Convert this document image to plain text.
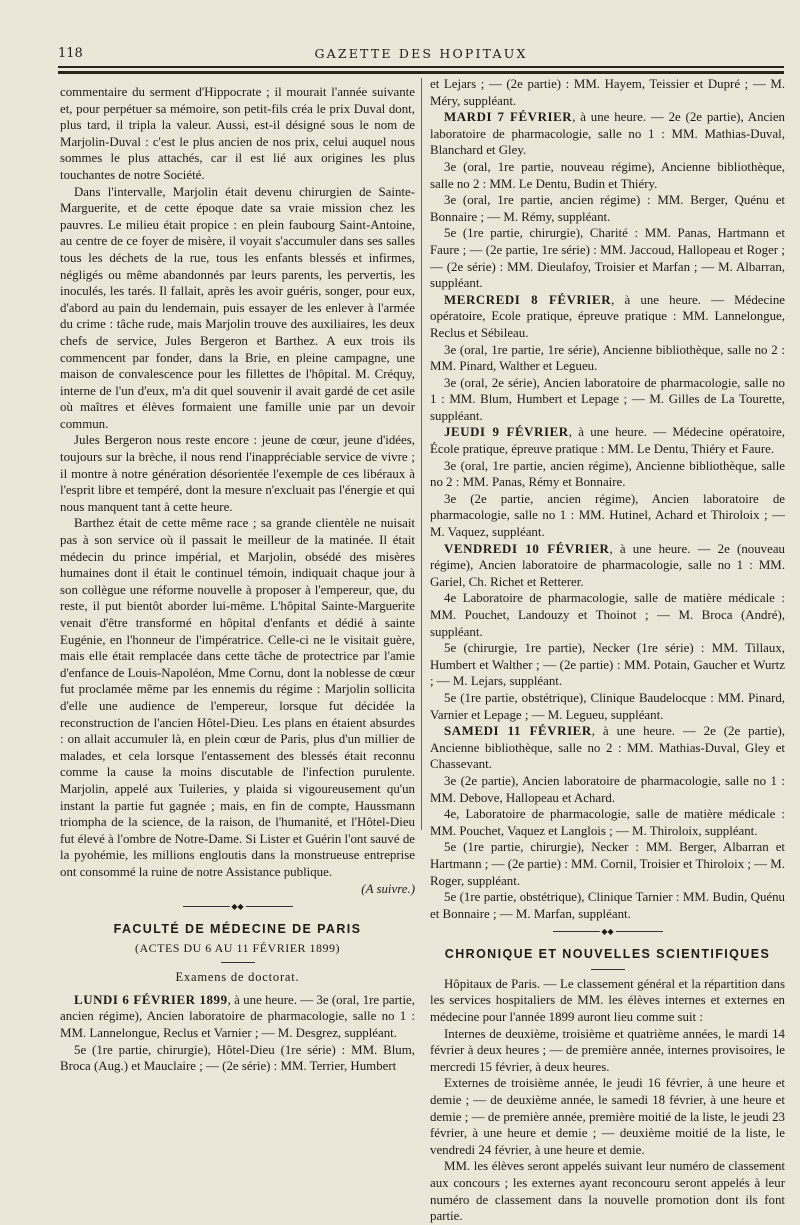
118	GAZETTE DES HOPITAUX

commentaire du serment d'Hippocrate ; il mourait l'année suivante et, pour perpétuer sa mémoire, son petit-fils créa le prix Duval dont, plus tard, il tripla la valeur. Aussi, est-il désigné sous le nom de Marjolin-Duval : c'est le plus ancien de nos prix, celui auquel nous sommes le plus attachés, car il est lié aux origines les plus touchantes de notre Société.

Dans l'intervalle, Marjolin était devenu chirurgien de Sainte-Marguerite, et de cette époque date sa vraie mission chez les pauvres. Le milieu était propice : en plein faubourg Saint-Antoine, au centre de ce foyer de misère, il voyait s'accumuler dans ses salles tous les déchets de la rue, tous les enfants blessés et infirmes, négligés ou même abandonnés par leurs parents, les pervertis, les inoculés, les tarés. Il fallait, après les avoir guéris, songer, pour eux, d'abord au pain du lendemain, puis essayer de les enlever à l'armée du crime : tâche rude, mais Marjolin trouve des auxiliaires, les deux chefs de service, Jules Bergeron et Barthez. A eux trois ils commencent par fonder, dans la Brie, en pleine campagne, une maison de convalescence pour les fillettes de l'hôpital. M. Créquy, interne de l'un d'eux, m'a dit quel souvenir il avait gardé de cet asile où maîtres et élèves formaient une famille unie par un devoir commun.

Jules Bergeron nous reste encore : jeune de cœur, jeune d'idées, toujours sur la brèche, il nous rend l'inappréciable service de vivre ; il montre à notre génération désorientée l'exemple de ces libéraux à l'esprit libre et tempéré, dont la mesure n'excluait pas l'énergie et qui nous manquent tant à cette heure.

Barthez était de cette même race ; sa grande clientèle ne nuisait pas à son service où il passait le meilleur de la matinée. Il était médecin du prince impérial, et Marjolin, obsédé des misères humaines dont il était le continuel témoin, indiquait chaque jour à son collègue une réforme nouvelle à proposer à l'empereur, que, du reste, il put bientôt aborder lui-même. L'hôpital Sainte-Marguerite venait d'être transformé en hôpital d'enfants et dédié à sainte Eugénie, en l'honneur de l'impératrice. Celle-ci ne le visitait guère, mais elle était remplacée dans cette tâche de protectrice par l'amie d'enfance de Louis-Napoléon, Mme Cornu, dont la noblesse de cœur fut proclamée même par les ennemis du régime : Marjolin sollicita d'elle une audience de l'empereur, lorsque fut décidée la reconstruction de l'ancien Hôtel-Dieu. Les plans en étaient absurdes : on allait accumuler là, en plein cœur de Paris, plus d'un millier de malades, et cela lorsque l'entassement des blessés était reconnu comme la cause la moins discutable de l'infection purulente. Marjolin, appelé aux Tuileries, y plaida si vigoureusement qu'un instant la partie fut gagnée ; mais, en fin de compte, Haussmann triompha de la science, de la raison, de l'humanité, et l'Hôtel-Dieu fut élevé à l'ombre de Notre-Dame. Si Lister et Guérin l'ont sauvé de la pyohémie, les millions engloutis dans la monstrueuse entreprise ont consommé la ruine de notre Assistance publique.

(A suivre.)

◆◆
FACULTÉ DE MÉDECINE DE PARIS
(ACTES DU 6 AU 11 FÉVRIER 1899)
Examens de doctorat.

LUNDI 6 FÉVRIER 1899, à une heure. — 3e (oral, 1re partie, ancien régime), Ancien laboratoire de pharmacologie, salle no 1 : MM. Lannelongue, Reclus et Varnier ; — M. Desgrez, suppléant.

5e (1re partie, chirurgie), Hôtel-Dieu (1re série) : MM. Blum, Broca (Aug.) et Mauclaire ; — (2e série) : MM. Terrier, Humbert

et Lejars ; — (2e partie) : MM. Hayem, Teissier et Dupré ; — M. Méry, suppléant.

MARDI 7 FÉVRIER, à une heure. — 2e (2e partie), Ancien laboratoire de pharmacologie, salle no 1 : MM. Mathias-Duval, Blanchard et Gley.

3e (oral, 1re partie, nouveau régime), Ancienne bibliothèque, salle no 2 : MM. Le Dentu, Budin et Thiéry.

3e (oral, 1re partie, ancien régime) : MM. Berger, Quénu et Bonnaire ; — M. Rémy, suppléant.

5e (1re partie, chirurgie), Charité : MM. Panas, Hartmann et Faure ; — (2e partie, 1re série) : MM. Jaccoud, Hallopeau et Roger ; — (2e série) : MM. Dieulafoy, Troisier et Marfan ; — M. Albarran, suppléant.

MERCREDI 8 FÉVRIER, à une heure. — Médecine opératoire, Ecole pratique, épreuve pratique : MM. Lannelongue, Reclus et Sébileau.

3e (oral, 1re partie, 1re série), Ancienne bibliothèque, salle no 2 : MM. Pinard, Walther et Legueu.

3e (oral, 2e série), Ancien laboratoire de pharmacologie, salle no 1 : MM. Blum, Humbert et Lepage ; — M. Gilles de La Tourette, suppléant.

JEUDI 9 FÉVRIER, à une heure. — Médecine opératoire, École pratique, épreuve pratique : MM. Le Dentu, Thiéry et Faure.

3e (oral, 1re partie, ancien régime), Ancienne bibliothèque, salle no 2 : MM. Panas, Rémy et Bonnaire.

3e (2e partie, ancien régime), Ancien laboratoire de pharmacologie, salle no 1 : MM. Hutinel, Achard et Thiroloix ; — M. Vaquez, suppléant.

VENDREDI 10 FÉVRIER, à une heure. — 2e (nouveau régime), Ancien laboratoire de pharmacologie, salle no 1 : MM. Gariel, Ch. Richet et Retterer.

4e Laboratoire de pharmacologie, salle de matière médicale : MM. Pouchet, Landouzy et Thoinot ; — M. Broca (André), suppléant.

5e (chirurgie, 1re partie), Necker (1re série) : MM. Tillaux, Humbert et Walther ; — (2e partie) : MM. Potain, Gaucher et Wurtz ; — M. Lejars, suppléant.

5e (1re partie, obstétrique), Clinique Baudelocque : MM. Pinard, Varnier et Lepage ; — M. Legueu, suppléant.

SAMEDI 11 FÉVRIER, à une heure. — 2e (2e partie), Ancienne bibliothèque, salle no 2 : MM. Mathias-Duval, Gley et Chassevant.

3e (2e partie), Ancien laboratoire de pharmacologie, salle no 1 : MM. Debove, Hallopeau et Achard.

4e, Laboratoire de pharmacologie, salle de matière médicale : MM. Pouchet, Vaquez et Langlois ; — M. Thiroloix, suppléant.

5e (1re partie, chirurgie), Necker : MM. Berger, Albarran et Hartmann ; — (2e partie) : MM. Cornil, Troisier et Thiroloix ; — M. Roger, suppléant.

5e (1re partie, obstétrique), Clinique Tarnier : MM. Budin, Quénu et Bonnaire ; — M. Marfan, suppléant.

◆◆
CHRONIQUE ET NOUVELLES SCIENTIFIQUES

Hôpitaux de Paris. — Le classement général et la répartition dans les services hospitaliers de MM. les élèves internes et externes en médecine pour l'année 1899 auront lieu comme suit :

Internes de deuxième, troisième et quatrième années, le mardi 14 février à deux heures ; — de première année, internes provisoires, le mercredi 15 février, à deux heures.

Externes de troisième année, le jeudi 16 février, à une heure et demie ; — de deuxième année, le samedi 18 février, à une heure et demie ; — de première année, première moitié de la liste, le jeudi 23 février, à une heure et demie ; — deuxième moitié de la liste, le vendredi 24 février, à une heure et demie.

MM. les élèves seront appelés suivant leur numéro de classement aux concours ; les externes ayant reconcouru seront appelés à leur numéro de classement dans la nouvelle promotion dont ils font partie.
